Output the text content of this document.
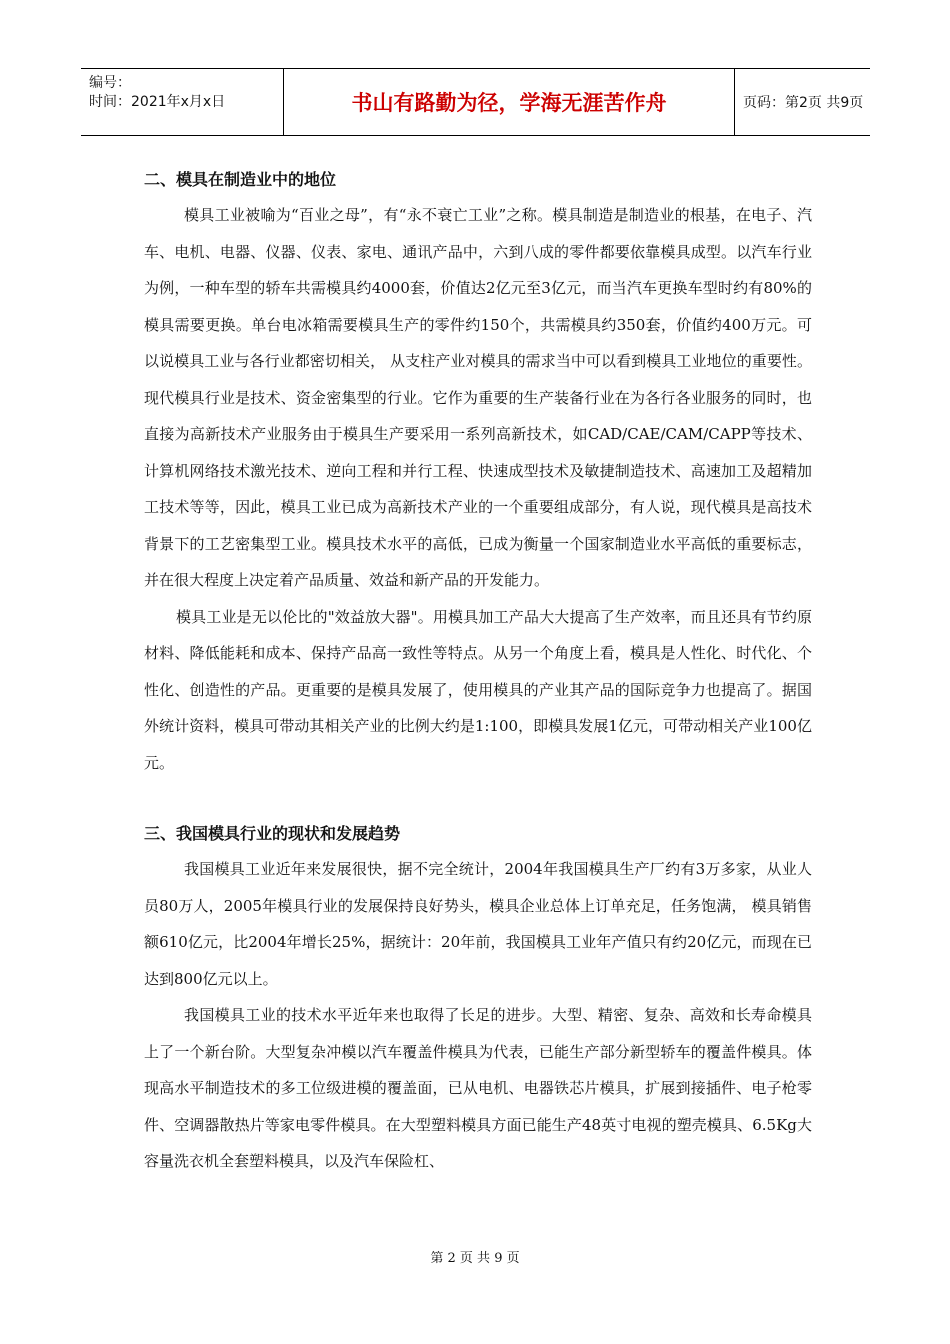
编号：
时间：2021年x月x日	书山有路勤为径，学海无涯苦作舟	页码：第2页 共9页
二、模具在制造业中的地位

模具工业被喻为“百业之母”，有“永不衰亡工业”之称。模具制造是制造业的根基，在电子、汽车、电机、电器、仪器、仪表、家电、通讯产品中，六到八成的零件都要依靠模具成型。以汽车行业为例，一种车型的轿车共需模具约4000套，价值达2亿元至3亿元，而当汽车更换车型时约有80%的模具需要更换。单台电冰箱需要模具生产的零件约150个，共需模具约350套，价值约400万元。可以说模具工业与各行业都密切相关， 从支柱产业对模具的需求当中可以看到模具工业地位的重要性。现代模具行业是技术、资金密集型的行业。它作为重要的生产装备行业在为各行各业服务的同时，也直接为高新技术产业服务由于模具生产要采用一系列高新技术，如CAD/CAE/CAM/CAPP等技术、计算机网络技术激光技术、逆向工程和并行工程、快速成型技术及敏捷制造技术、高速加工及超精加工技术等等，因此，模具工业已成为高新技术产业的一个重要组成部分，有人说，现代模具是高技术背景下的工艺密集型工业。模具技术水平的高低，已成为衡量一个国家制造业水平高低的重要标志，并在很大程度上决定着产品质量、效益和新产品的开发能力。

模具工业是无以伦比的"效益放大器"。用模具加工产品大大提高了生产效率，而且还具有节约原材料、降低能耗和成本、保持产品高一致性等特点。从另一个角度上看，模具是人性化、时代化、个性化、创造性的产品。更重要的是模具发展了，使用模具的产业其产品的国际竞争力也提高了。据国外统计资料，模具可带动其相关产业的比例大约是1:100，即模具发展1亿元，可带动相关产业100亿元。

三、我国模具行业的现状和发展趋势

我国模具工业近年来发展很快，据不完全统计，2004年我国模具生产厂约有3万多家，从业人员80万人，2005年模具行业的发展保持良好势头，模具企业总体上订单充足，任务饱满， 模具销售额610亿元，比2004年增长25%，据统计：20年前，我国模具工业年产值只有约20亿元，而现在已达到800亿元以上。

我国模具工业的技术水平近年来也取得了长足的进步。大型、精密、复杂、高效和长寿命模具上了一个新台阶。大型复杂冲模以汽车覆盖件模具为代表，已能生产部分新型轿车的覆盖件模具。体现高水平制造技术的多工位级进模的覆盖面，已从电机、电器铁芯片模具，扩展到接插件、电子枪零件、空调器散热片等家电零件模具。在大型塑料模具方面已能生产48英寸电视的塑壳模具、6.5Kg大容量洗衣机全套塑料模具，以及汽车保险杠、

第 2 页 共 9 页
